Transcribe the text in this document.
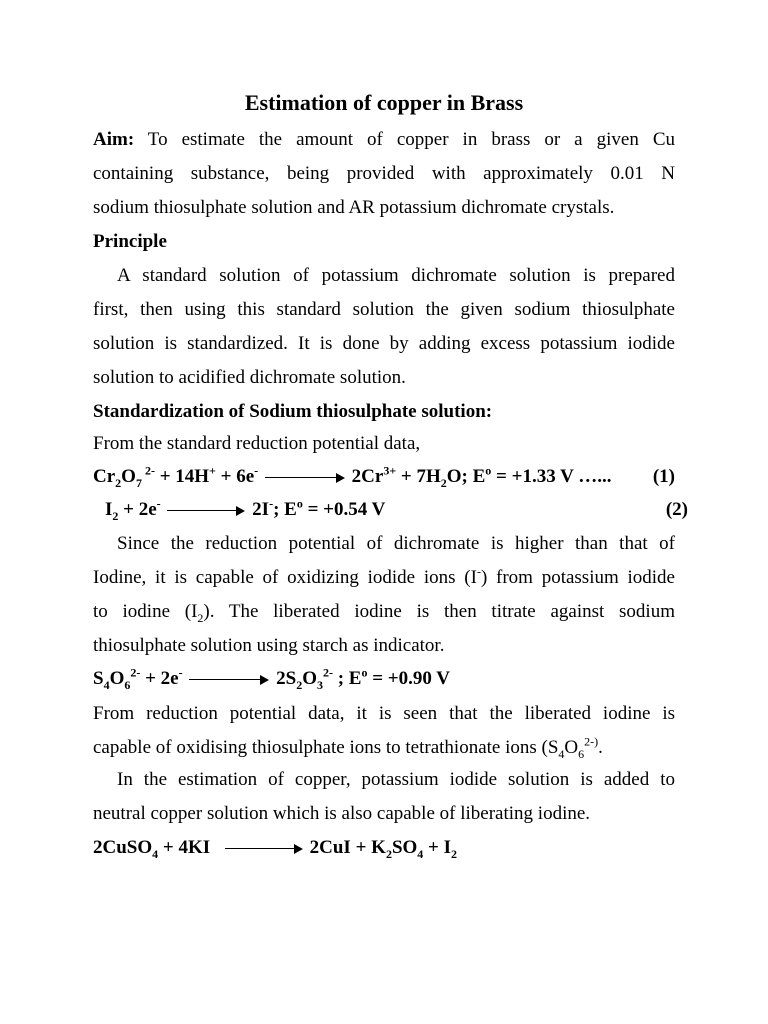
Estimation of copper in Brass
Aim: To estimate the amount of copper in brass or a given Cu
containing substance, being provided with approximately 0.01 N
sodium thiosulphate solution and AR potassium dichromate crystals.
Principle
A standard solution of potassium dichromate solution is prepared
first, then using this standard solution the given sodium thiosulphate
solution is standardized. It is done by adding excess potassium iodide
solution to acidified dichromate solution.
Standardization of Sodium thiosulphate solution:
From the standard reduction potential data,
$Cr_2O_7$ $^{2-}$ + 14H+ + 6e-	$2Cr^{3+} + 7H_2O$; $E^o = +1.33$ V …... (1)
$I_2 + 2e^-$	2I-; $E^o = +0.54$ V	(2)
Since the reduction potential of dichromate is higher than that of
Iodine, it is capable of oxidizing iodide ions (I-) from potassium iodide
to iodine $(I_2)$. The liberated iodine is then titrate against sodium
thiosulphate solution using starch as indicator.
$S_4O_6^{2-} + 2e^-$	$2S_2O_3^{2-}$ ; $E^o = +0.90$ V
From reduction potential data, it is seen that the liberated iodine is
capable of oxidising thiosulphate ions to tetrathionate ions ($S_4O_6^{2-)}$.
In the estimation of copper, potassium iodide solution is added to
neutral copper solution which is also capable of liberating iodine.
2CuSO$_4$ + 4KI	$2CuI + K_2SO_4 + I_2$
